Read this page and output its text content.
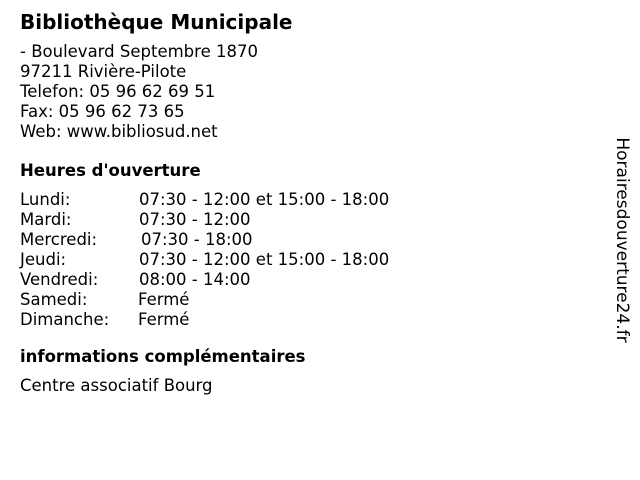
Bibliothèque Municipale
- Boulevard Septembre 1870
97211 Rivière-Pilote
Telefon: 05 96 62 69 51
Fax: 05 96 62 73 65
Web: www.bibliosud.net
Heures d'ouverture
Lundi:	07:30 - 12:00 et 15:00 - 18:00
Mardi:	07:30 - 12:00
Mercredi:	07:30 - 18:00
Jeudi:	07:30 - 12:00 et 15:00 - 18:00
Vendredi:	08:00 - 14:00
Samedi:	Fermé
Dimanche:	Fermé
informations complémentaires
Centre associatif Bourg
Horairesdouverture24.fr
